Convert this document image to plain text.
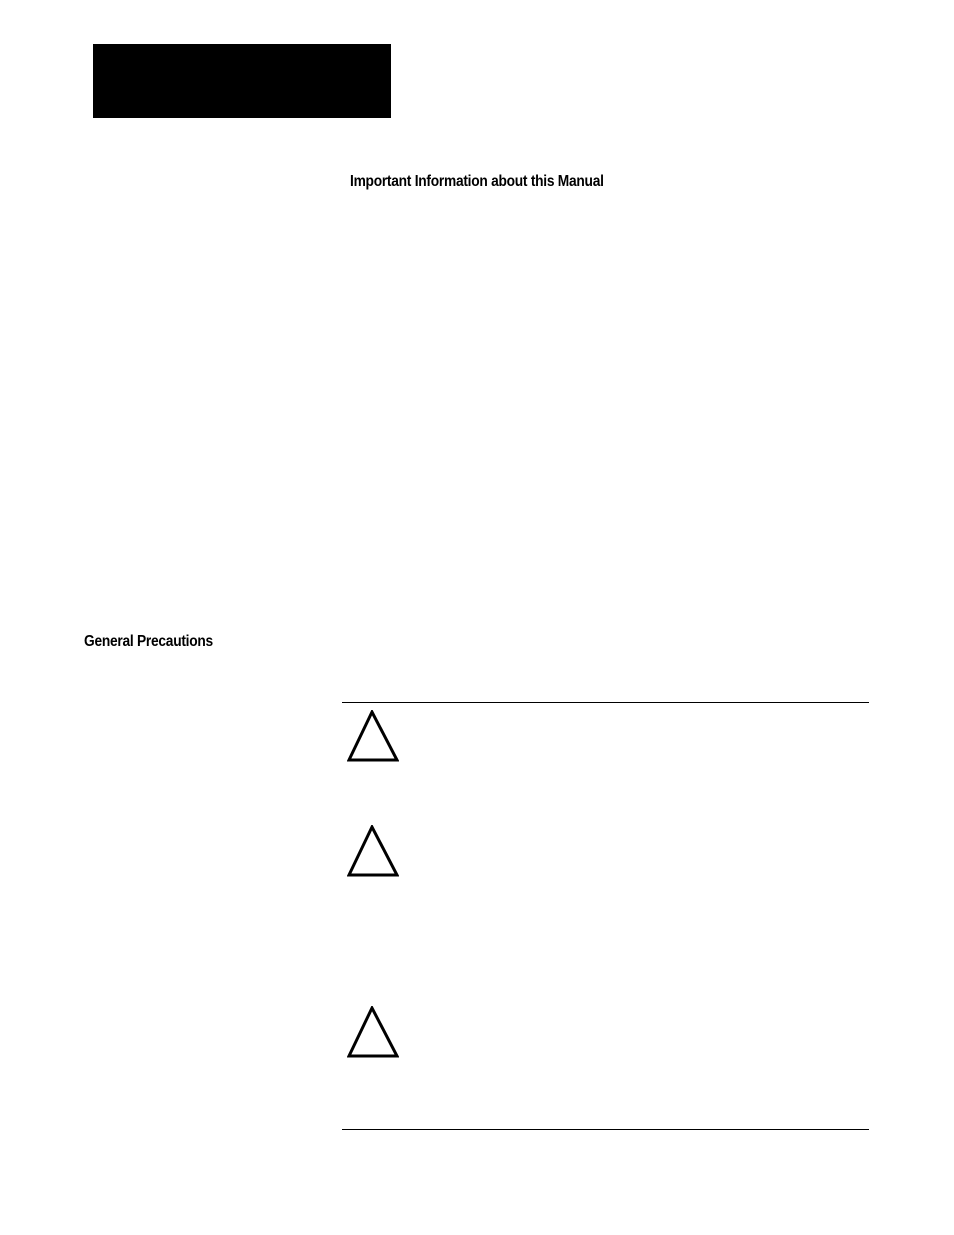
Important Information about this Manual
General Precautions
